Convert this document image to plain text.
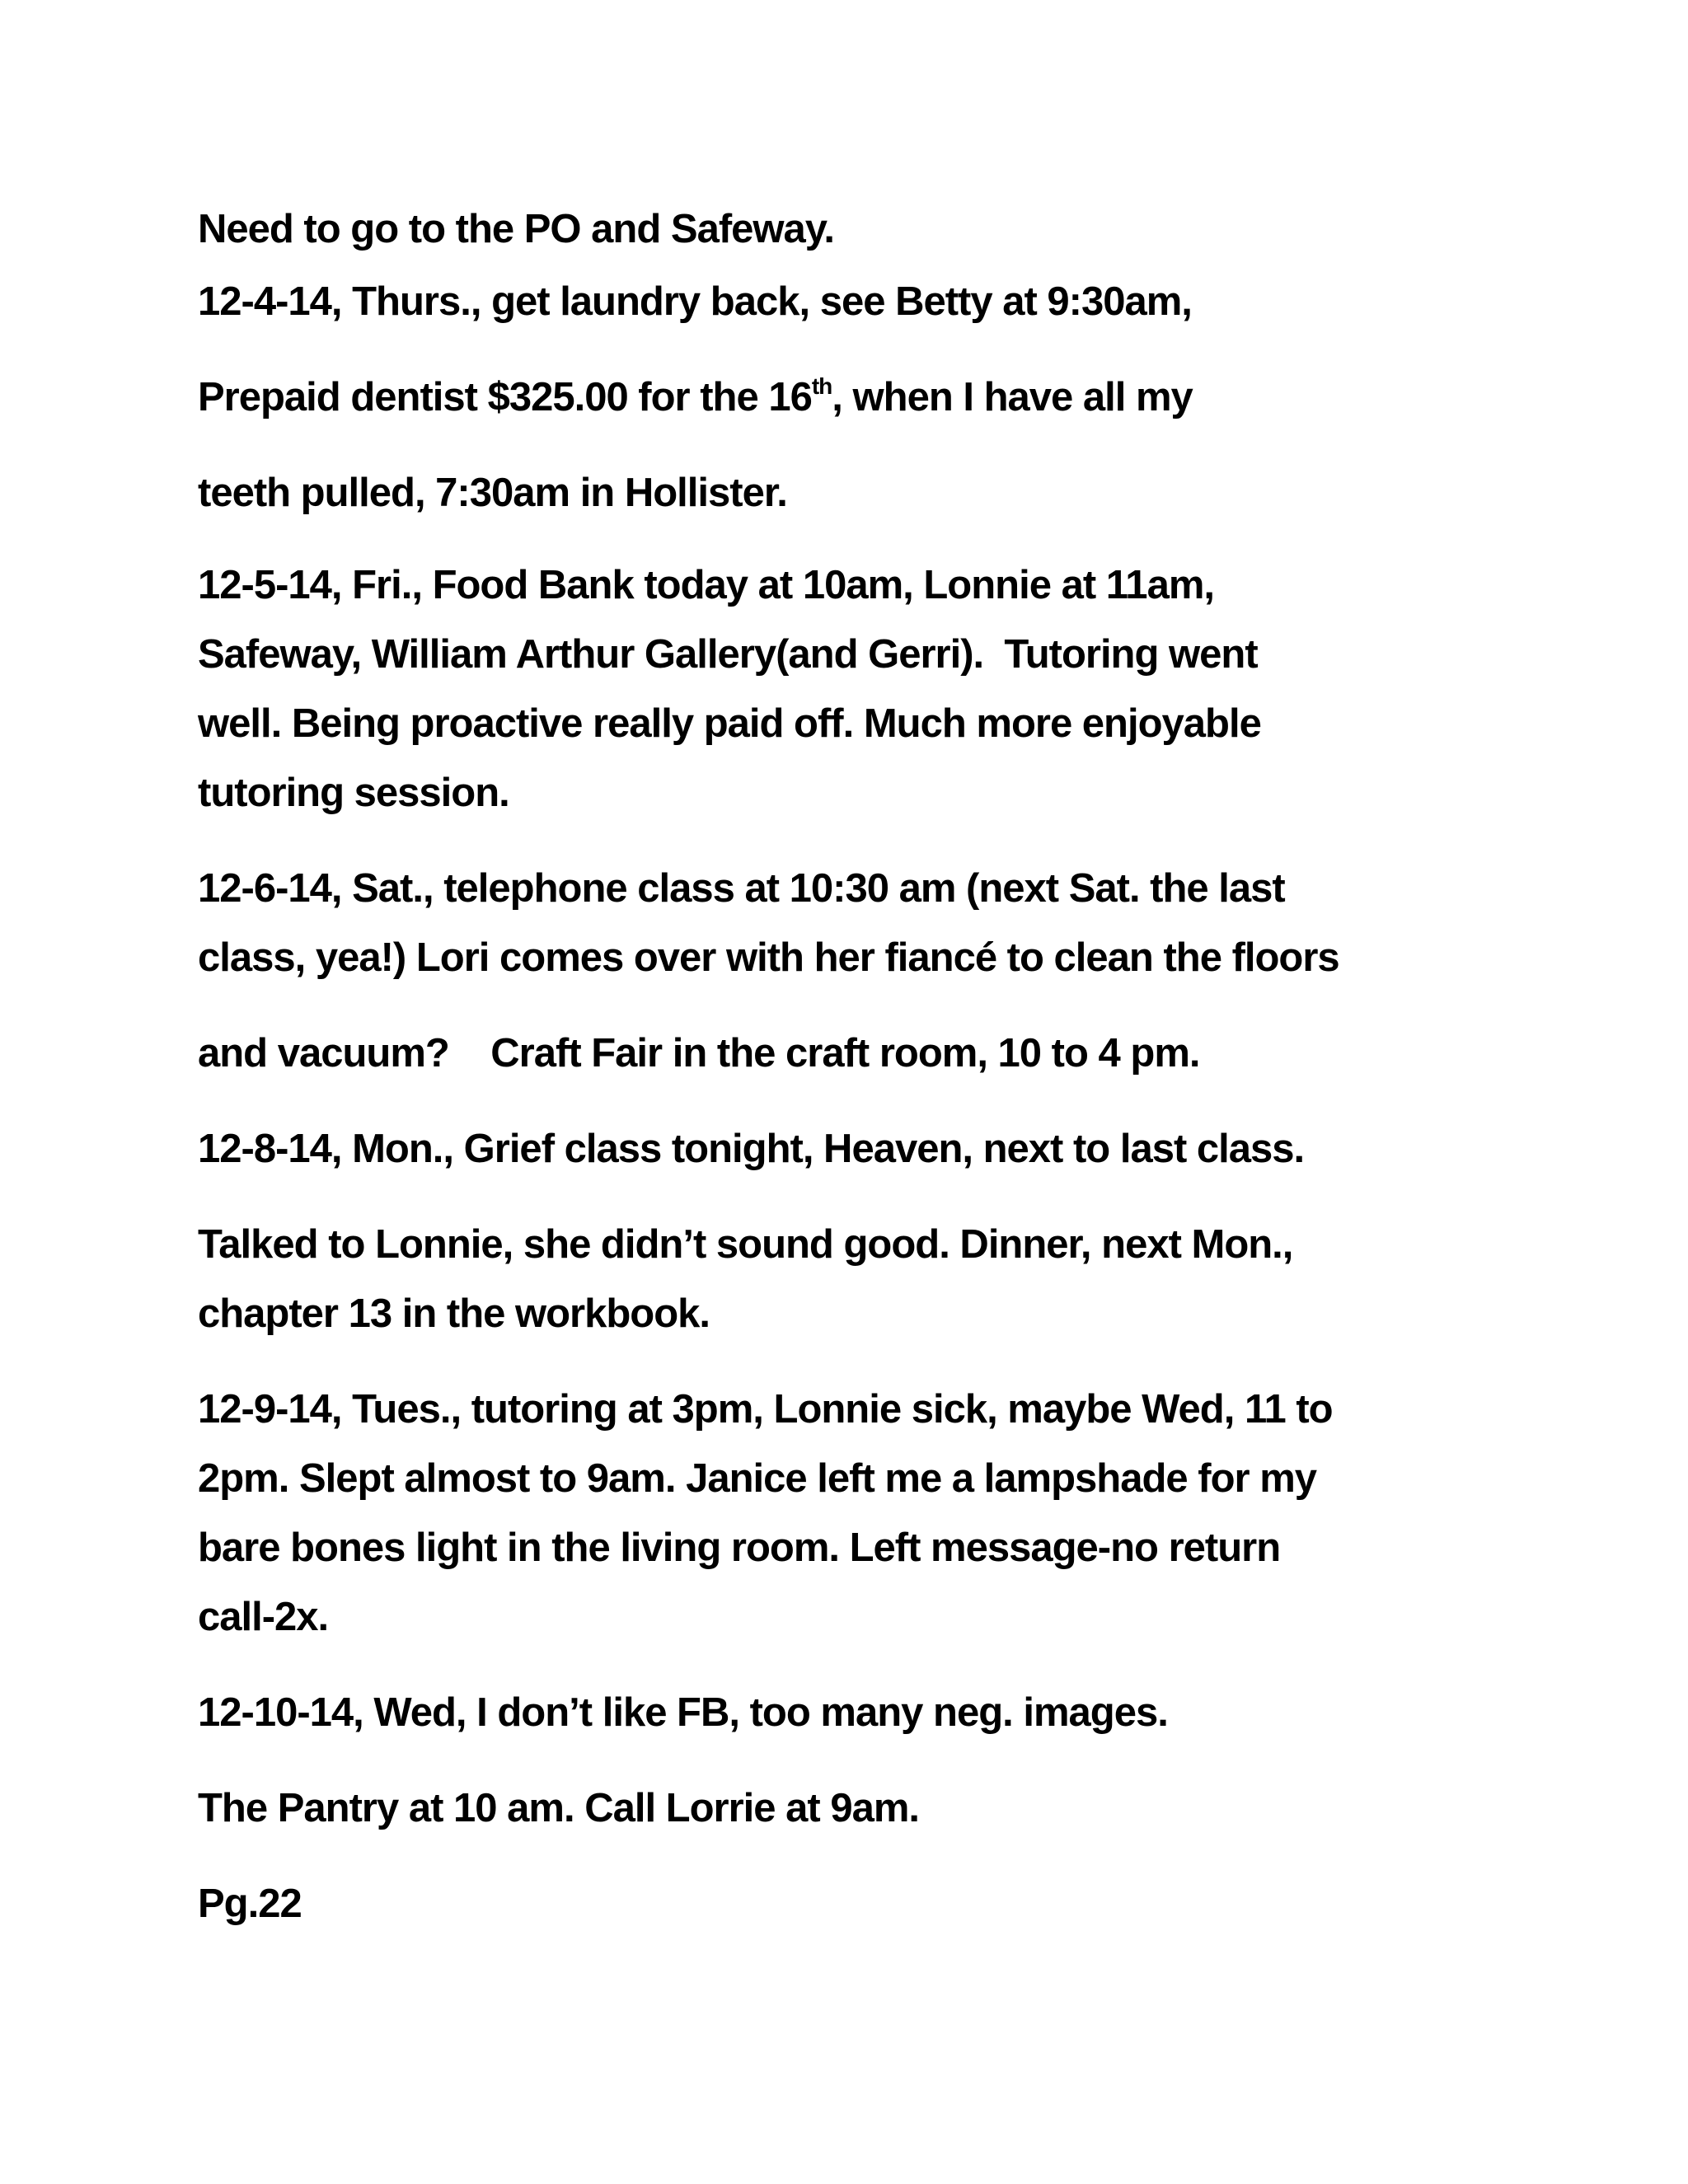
Need to go to the PO and Safeway.
12-4-14, Thurs., get laundry back, see Betty at 9:30am,
Prepaid dentist $325.00 for the 16th, when I have all my
teeth pulled, 7:30am in Hollister.
12-5-14, Fri., Food Bank today at 10am, Lonnie at 11am,
Safeway, William Arthur Gallery(and Gerri).  Tutoring went
well. Being proactive really paid off. Much more enjoyable
tutoring session.
12-6-14, Sat., telephone class at 10:30 am (next Sat. the last
class, yea!) Lori comes over with her fiancé to clean the floors
and vacuum?    Craft Fair in the craft room, 10 to 4 pm.
12-8-14, Mon., Grief class tonight, Heaven, next to last class.
Talked to Lonnie, she didn’t sound good. Dinner, next Mon.,
chapter 13 in the workbook.
12-9-14, Tues., tutoring at 3pm, Lonnie sick, maybe Wed, 11 to
2pm. Slept almost to 9am. Janice left me a lampshade for my
bare bones light in the living room. Left message-no return
call-2x.
12-10-14, Wed, I don’t like FB, too many neg. images.
The Pantry at 10 am. Call Lorrie at 9am.
Pg.22
